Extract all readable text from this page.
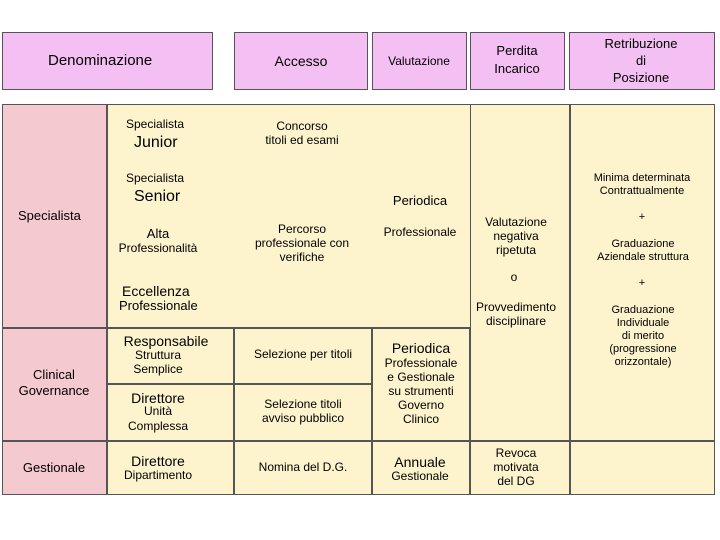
Denominazione	Accesso	Valutazione
Perdita
Incarico
Retribuzione
di
Posizione
Specialista
Clinical
Governance
Gestionale
Specialista
Junior
Specialista
Senior
Alta
Professionalità
Eccellenza
Professionale
Responsabile
Struttura
Semplice
Direttore
Unità
Complessa
Direttore
Dipartimento
Concorso
titoli ed esami
Percorso
professionale con
verifiche
Selezione per titoli
Selezione titoli
avviso pubblico
Nomina del D.G.
Periodica
Professionale
Periodica
Professionale
e Gestionale
su strumenti
Governo
Clinico
Annuale
Gestionale
Valutazione
negativa
ripetuta
o
Provvedimento
disciplinare
Revoca
motivata
del DG
Minima determinata
Contrattualmente
+
Graduazione
Aziendale struttura
+
Graduazione
Individuale
di merito
(progressione
orizzontale)
